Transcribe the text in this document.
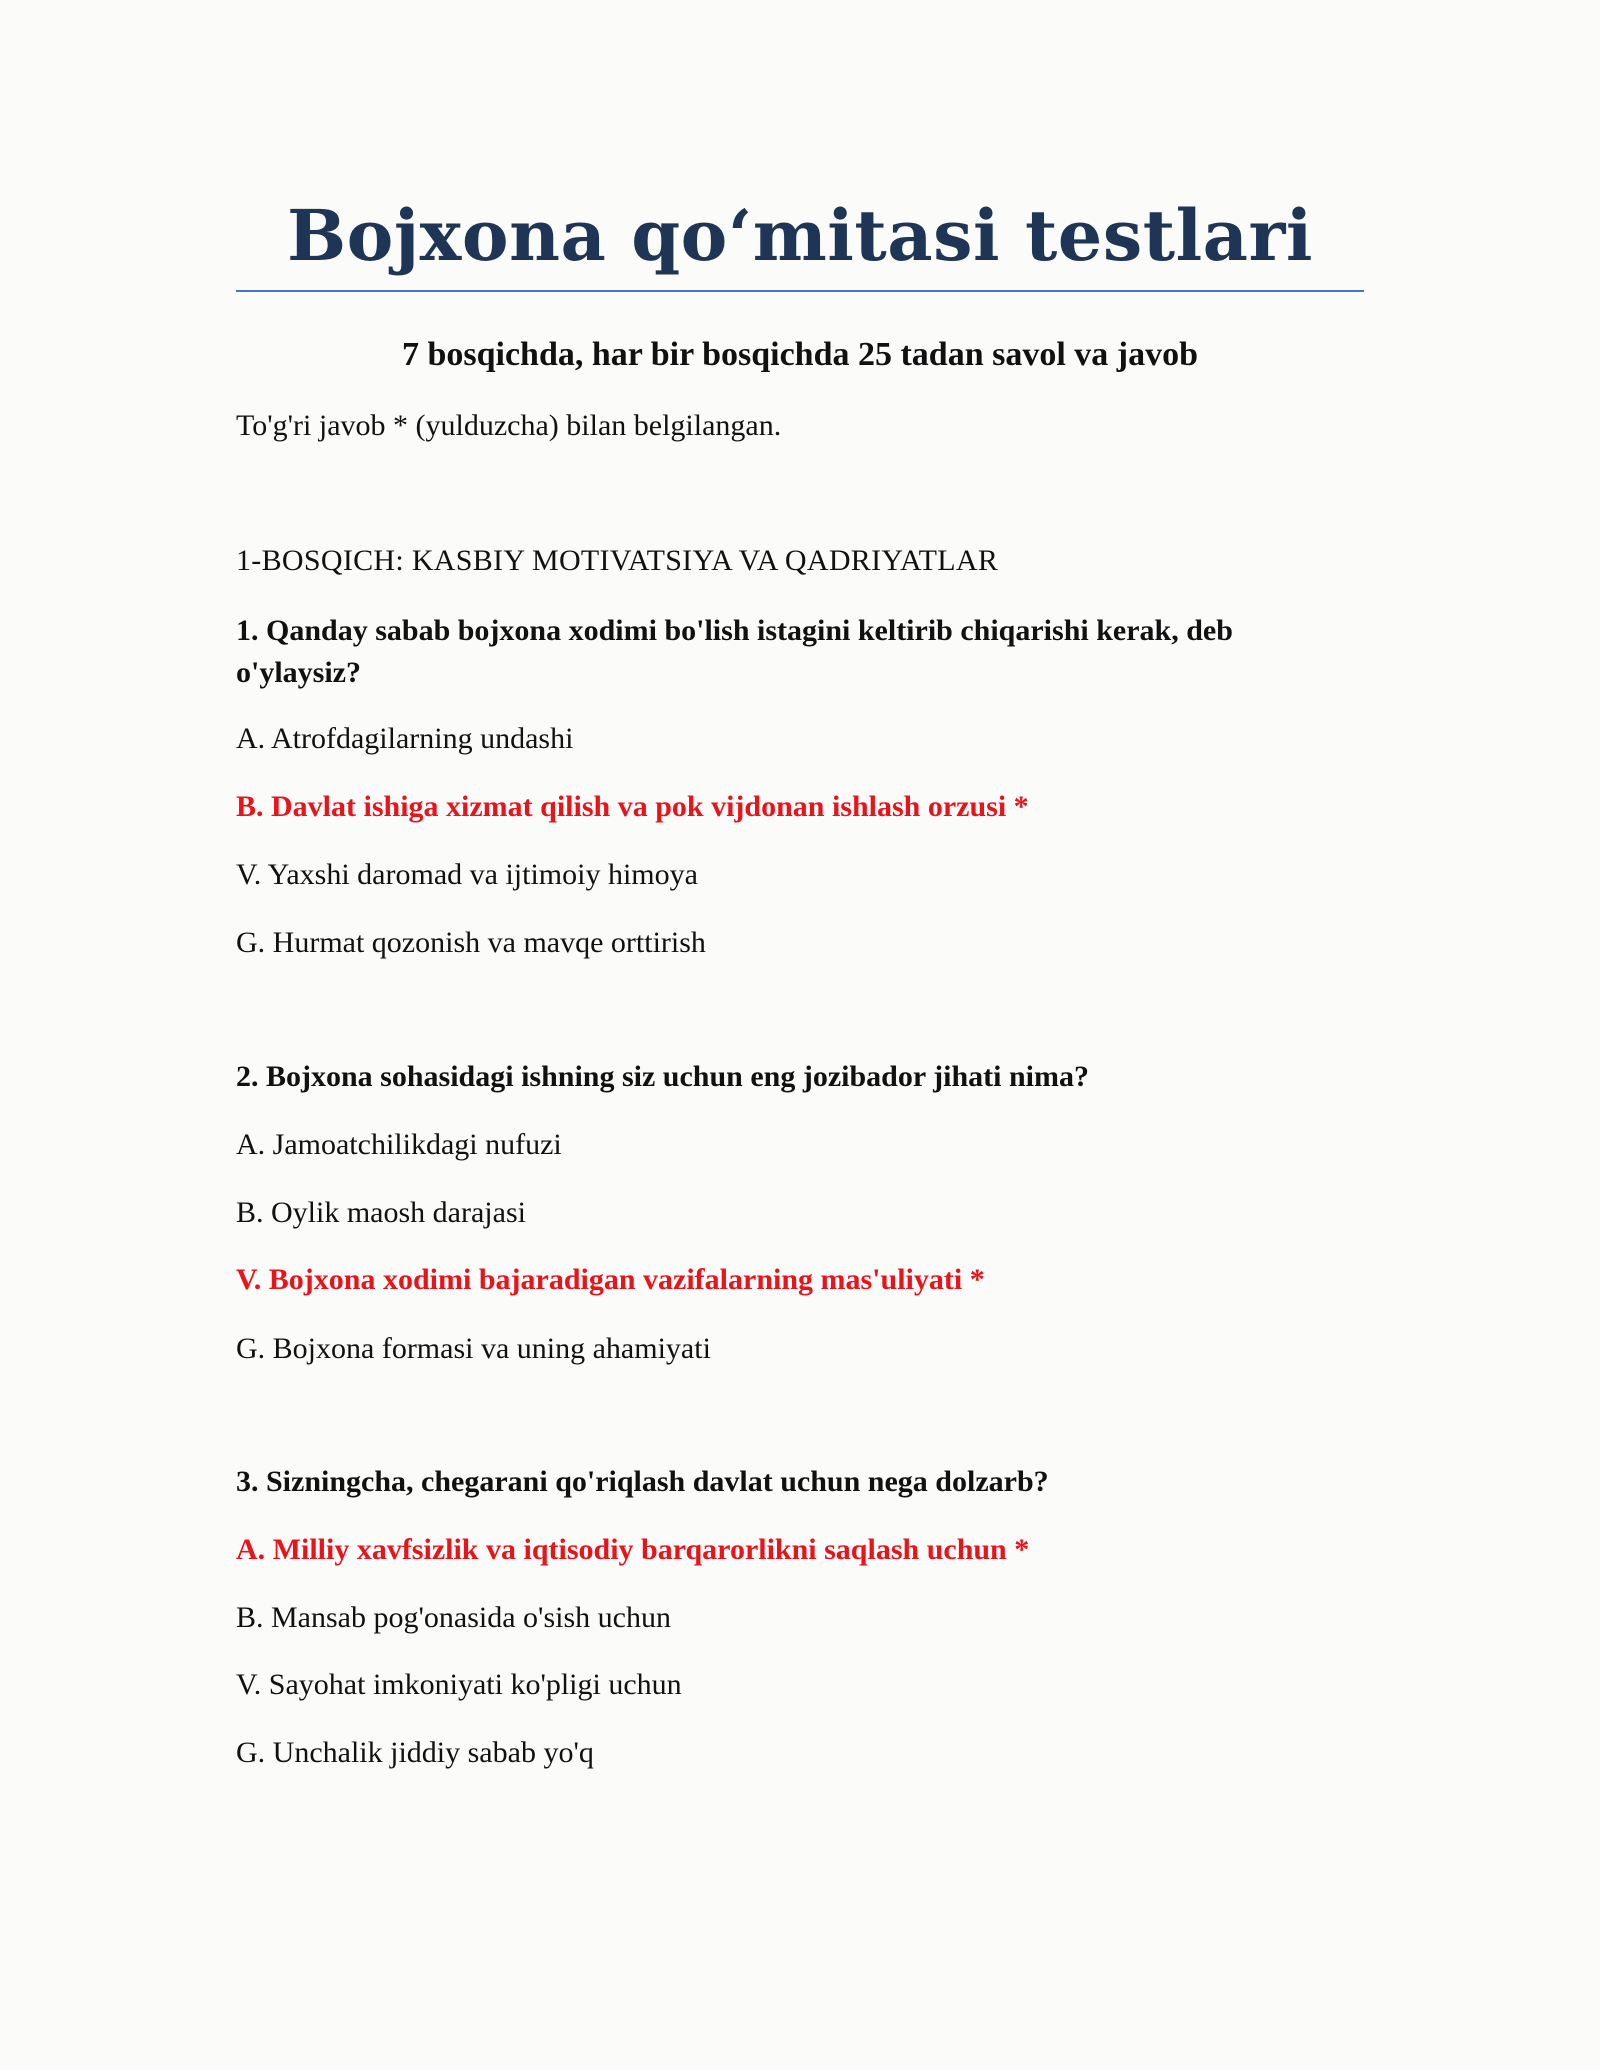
Bojxona qo‘mitasi testlari
7 bosqichda, har bir bosqichda 25 tadan savol va javob

To'g'ri javob * (yulduzcha) bilan belgilangan.

1-BOSQICH: KASBIY MOTIVATSIYA VA QADRIYATLAR

1. Qanday sabab bojxona xodimi bo'lish istagini keltirib chiqarishi kerak, deb o'ylaysiz?

A. Atrofdagilarning undashi

B. Davlat ishiga xizmat qilish va pok vijdonan ishlash orzusi *

V. Yaxshi daromad va ijtimoiy himoya

G. Hurmat qozonish va mavqe orttirish

2. Bojxona sohasidagi ishning siz uchun eng jozibador jihati nima?

A. Jamoatchilikdagi nufuzi

B. Oylik maosh darajasi

V. Bojxona xodimi bajaradigan vazifalarning mas'uliyati *

G. Bojxona formasi va uning ahamiyati

3. Sizningcha, chegarani qo'riqlash davlat uchun nega dolzarb?

A. Milliy xavfsizlik va iqtisodiy barqarorlikni saqlash uchun *

B. Mansab pog'onasida o'sish uchun

V. Sayohat imkoniyati ko'pligi uchun

G. Unchalik jiddiy sabab yo'q
